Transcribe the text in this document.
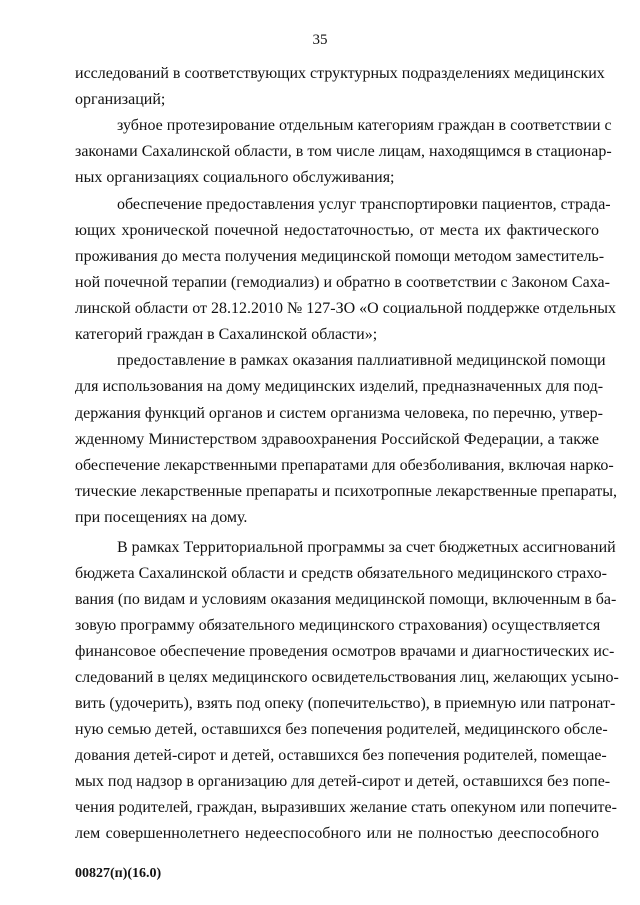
35
исследований в соответствующих структурных подразделениях медицинских
организаций;
зубное протезирование отдельным категориям граждан в соответствии с
законами Сахалинской области, в том числе лицам, находящимся в стационар-
ных организациях социального обслуживания;
обеспечение предоставления услуг транспортировки пациентов, страда-
ющих хронической почечной недостаточностью, от места их фактического
проживания до места получения медицинской помощи методом заместитель-
ной почечной терапии (гемодиализ) и обратно в соответствии с Законом Саха-
линской области от 28.12.2010 № 127-ЗО «О социальной поддержке отдельных
категорий граждан в Сахалинской области»;
предоставление в рамках оказания паллиативной медицинской помощи
для использования на дому медицинских изделий, предназначенных для под-
держания функций органов и систем организма человека, по перечню, утвер-
жденному Министерством здравоохранения Российской Федерации, а также
обеспечение лекарственными препаратами для обезболивания, включая нарко-
тические лекарственные препараты и психотропные лекарственные препараты,
при посещениях на дому.
В рамках Территориальной программы за счет бюджетных ассигнований
бюджета Сахалинской области и средств обязательного медицинского страхо-
вания (по видам и условиям оказания медицинской помощи, включенным в ба-
зовую программу обязательного медицинского страхования) осуществляется
финансовое обеспечение проведения осмотров врачами и диагностических ис-
следований в целях медицинского освидетельствования лиц, желающих усыно-
вить (удочерить), взять под опеку (попечительство), в приемную или патронат-
ную семью детей, оставшихся без попечения родителей, медицинского обсле-
дования детей-сирот и детей, оставшихся без попечения родителей, помещае-
мых под надзор в организацию для детей-сирот и детей, оставшихся без попе-
чения родителей, граждан, выразивших желание стать опекуном или попечите-
лем совершеннолетнего недееспособного или не полностью дееспособного
00827(п)(16.0)
